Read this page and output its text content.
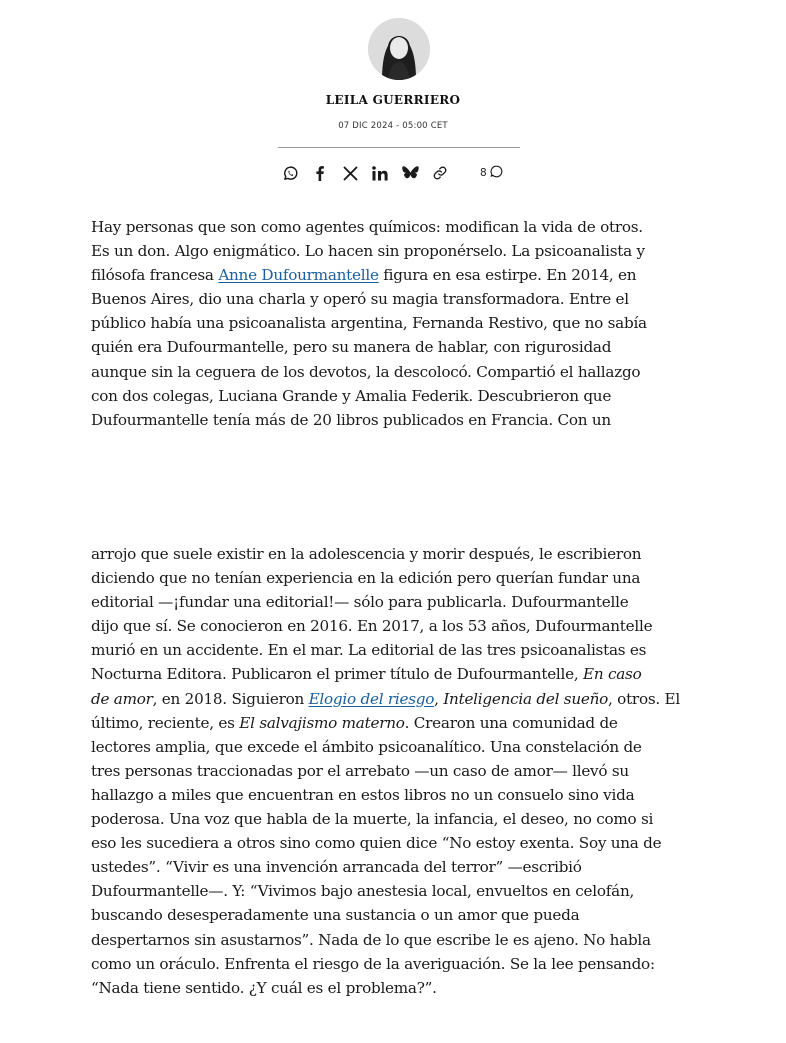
LEILA GUERRIERO
07 DIC 2024 - 05:00 CET
8
Hay personas que son como agentes químicos: modifican la vida de otros.
Es un don. Algo enigmático. Lo hacen sin proponérselo. La psicoanalista y
filósofa francesa Anne Dufourmantelle figura en esa estirpe. En 2014, en
Buenos Aires, dio una charla y operó su magia transformadora. Entre el
público había una psicoanalista argentina, Fernanda Restivo, que no sabía
quién era Dufourmantelle, pero su manera de hablar, con rigurosidad
aunque sin la ceguera de los devotos, la descolocó. Compartió el hallazgo
con dos colegas, Luciana Grande y Amalia Federik. Descubrieron que
Dufourmantelle tenía más de 20 libros publicados en Francia. Con un
arrojo que suele existir en la adolescencia y morir después, le escribieron
diciendo que no tenían experiencia en la edición pero querían fundar una
editorial —¡fundar una editorial!— sólo para publicarla. Dufourmantelle
dijo que sí. Se conocieron en 2016. En 2017, a los 53 años, Dufourmantelle
murió en un accidente. En el mar. La editorial de las tres psicoanalistas es
Nocturna Editora. Publicaron el primer título de Dufourmantelle, En caso
de amor, en 2018. Siguieron Elogio del riesgo, Inteligencia del sueño, otros. El
último, reciente, es El salvajismo materno. Crearon una comunidad de
lectores amplia, que excede el ámbito psicoanalítico. Una constelación de
tres personas traccionadas por el arrebato —un caso de amor— llevó su
hallazgo a miles que encuentran en estos libros no un consuelo sino vida
poderosa. Una voz que habla de la muerte, la infancia, el deseo, no como si
eso les sucediera a otros sino como quien dice “No estoy exenta. Soy una de
ustedes”. “Vivir es una invención arrancada del terror” —escribió
Dufourmantelle—. Y: “Vivimos bajo anestesia local, envueltos en celofán,
buscando desesperadamente una sustancia o un amor que pueda
despertarnos sin asustarnos”. Nada de lo que escribe le es ajeno. No habla
como un oráculo. Enfrenta el riesgo de la averiguación. Se la lee pensando:
“Nada tiene sentido. ¿Y cuál es el problema?”.
